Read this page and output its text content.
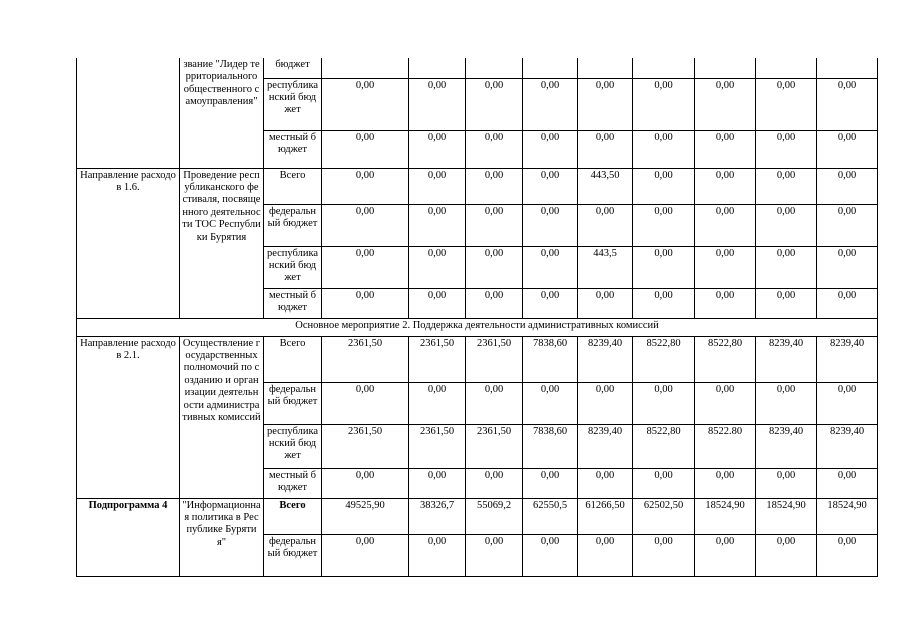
	звание "Лидер территориального общественного самоуправления"	бюджет									
		республиканский бюджет	0,00	0,00	0,00	0,00	0,00	0,00	0,00	0,00	0,00
		местный бюджет	0,00	0,00	0,00	0,00	0,00	0,00	0,00	0,00	0,00
Направление расходов 1.6.	Проведение республиканского фестиваля, посвященного деятельности ТОС Республики Бурятия	Всего	0,00	0,00	0,00	0,00	443,50	0,00	0,00	0,00	0,00
		федеральный бюджет	0,00	0,00	0,00	0,00	0,00	0,00	0,00	0,00	0,00
		республиканский бюджет	0,00	0,00	0,00	0,00	443,5	0,00	0,00	0,00	0,00
		местный бюджет	0,00	0,00	0,00	0,00	0,00	0,00	0,00	0,00	0,00
Основное мероприятие 2. Поддержка деятельности административных комиссий											
Направление расходов 2.1.	Осуществление государственных полномочий по созданию и организации деятельности административных комиссий	Всего	2361,50	2361,50	2361,50	7838,60	8239,40	8522,80	8522,80	8239,40	8239,40
		федеральный бюджет	0,00	0,00	0,00	0,00	0,00	0,00	0,00	0,00	0,00
		республиканский бюджет	2361,50	2361,50	2361,50	7838,60	8239,40	8522,80	8522.80	8239,40	8239,40
		местный бюджет	0,00	0,00	0,00	0,00	0,00	0,00	0,00	0,00	0,00
Подпрограмма 4	"Информационная политика в Республике Бурятия"	Всего	49525,90	38326,7	55069,2	62550,5	61266,50	62502,50	18524,90	18524,90	18524,90
		федеральный бюджет	0,00	0,00	0,00	0,00	0,00	0,00	0,00	0,00	0,00
